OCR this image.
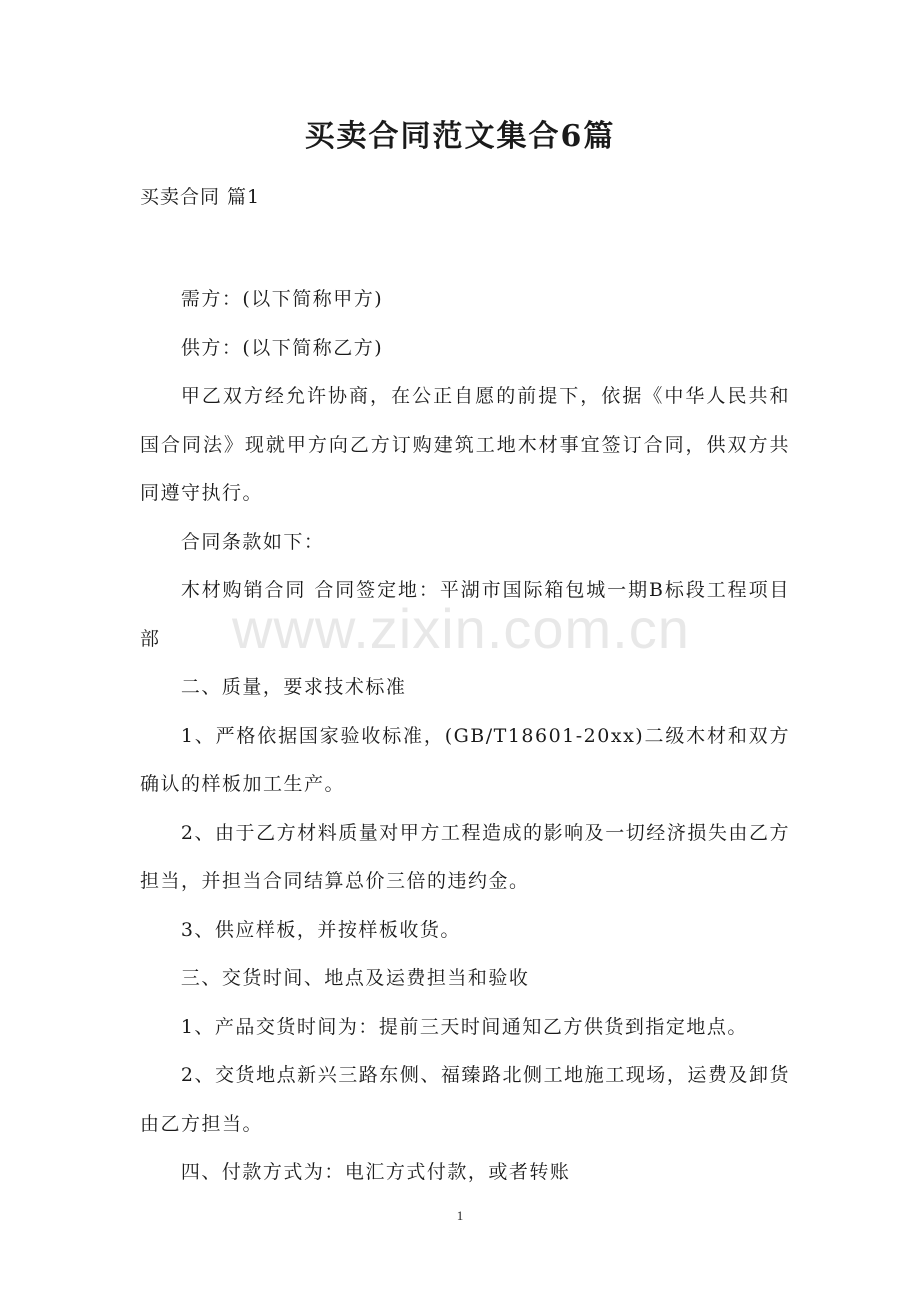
买卖合同范文集合6篇

买卖合同 篇1

需方：(以下简称甲方)

供方：(以下简称乙方)

甲乙双方经允许协商，在公正自愿的前提下，依据《中华人民共和国合同法》现就甲方向乙方订购建筑工地木材事宜签订合同，供双方共同遵守执行。

合同条款如下：

木材购销合同 合同签定地：平湖市国际箱包城一期B标段工程项目部

二、质量，要求技术标准

1、严格依据国家验收标准，(GB/T18601-20xx)二级木材和双方确认的样板加工生产。

2、由于乙方材料质量对甲方工程造成的影响及一切经济损失由乙方担当，并担当合同结算总价三倍的违约金。

3、供应样板，并按样板收货。

三、交货时间、地点及运费担当和验收

1、产品交货时间为：提前三天时间通知乙方供货到指定地点。

2、交货地点新兴三路东侧、福臻路北侧工地施工现场，运费及卸货由乙方担当。

四、付款方式为：电汇方式付款，或者转账

www.zixin.com.cn
1
